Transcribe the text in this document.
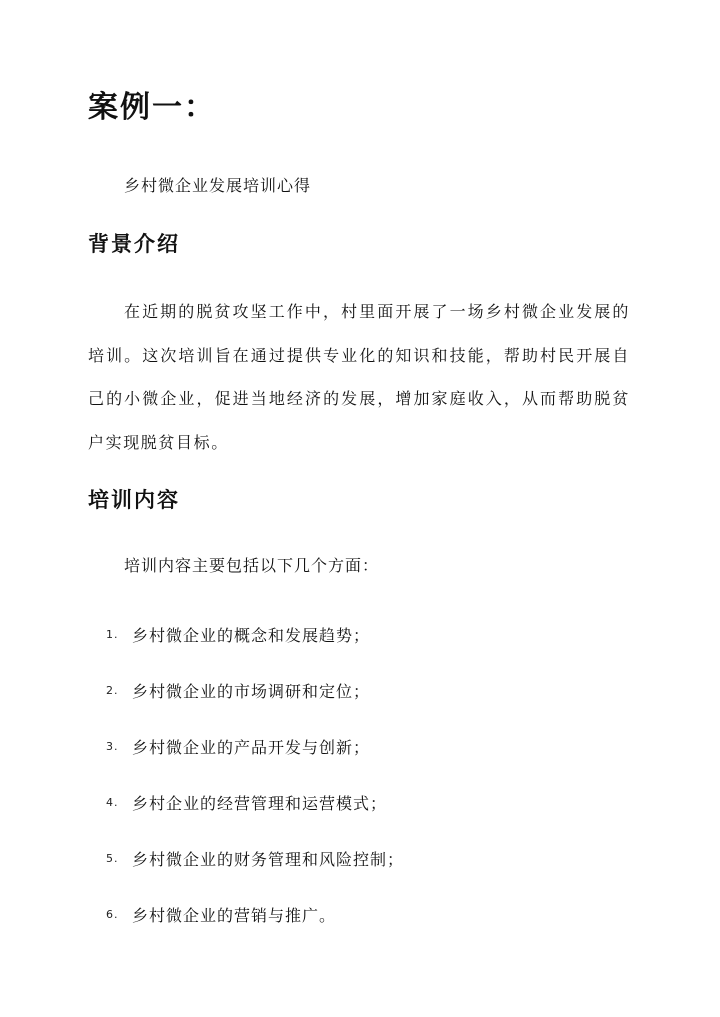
案例一：

乡村微企业发展培训心得

背景介绍

在近期的脱贫攻坚工作中，村里面开展了一场乡村微企业发展的培训。这次培训旨在通过提供专业化的知识和技能，帮助村民开展自己的小微企业，促进当地经济的发展，增加家庭收入，从而帮助脱贫户实现脱贫目标。

培训内容

培训内容主要包括以下几个方面：

1. 乡村微企业的概念和发展趋势；
2. 乡村微企业的市场调研和定位；
3. 乡村微企业的产品开发与创新；
4. 乡村企业的经营管理和运营模式；
5. 乡村微企业的财务管理和风险控制；
6. 乡村微企业的营销与推广。
